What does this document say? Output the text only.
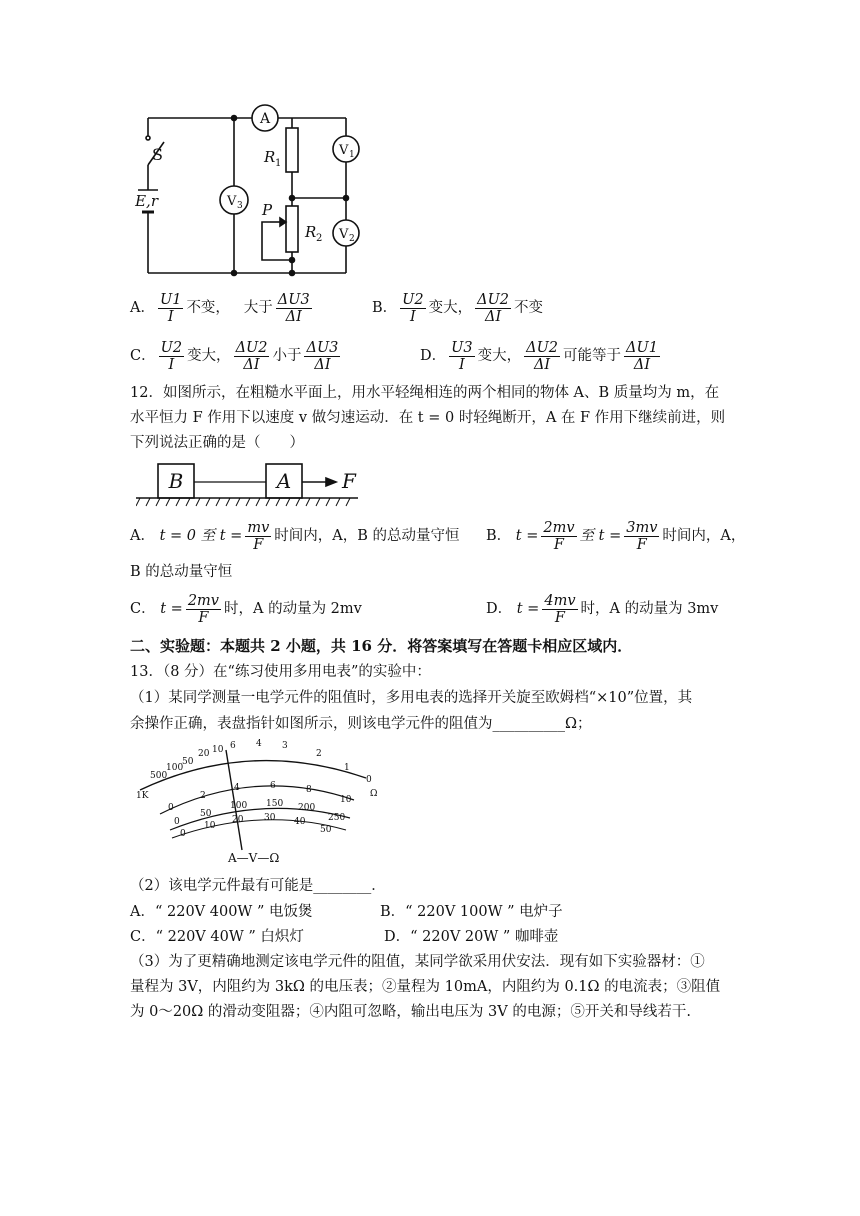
S
E,r
A
R 1
R 2
P
V 1
V 2
V 3
A． $\frac{U1}{I}$ 不变， 大于 $\frac{\Delta U3}{\Delta I}$	B． $\frac{U2}{I}$ 变大， $\frac{\Delta U2}{\Delta I}$ 不变
C． $\frac{U2}{I}$ 变大， $\frac{\Delta U2}{\Delta I}$ 小于 $\frac{\Delta U3}{\Delta I}$	D． $\frac{U3}{I}$ 变大， $\frac{\Delta U2}{\Delta I}$ 可能等于 $\frac{\Delta U1}{\Delta I}$
12．如图所示，在粗糙水平面上，用水平轻绳相连的两个相同的物体 A、B 质量均为 m，在
水平恒力 F 作用下以速度 v 做匀速运动．在 t = 0 时轻绳断开，A 在 F 作用下继续前进，则
下列说法正确的是（　　）
B	A	F
A． t = 0 至 $t = \frac{mv}{F}$ 时间内，A，B 的总动量守恒 B． $t = \frac{2mv}{F}$ 至 $t = \frac{3mv}{F}$ 时间内，A，
B 的总动量守恒
C． $t = \frac{2mv}{F}$ 时，A 的动量为 2mv	D． $t = \frac{4mv}{F}$ 时，A 的动量为 3mv
二、实验题：本题共 2 小题，共 16 分．将答案填写在答题卡相应区域内．
13．（8 分）在“练习使用多用电表”的实验中：
（1）某同学测量一电学元件的阻值时，多用电表的选择开关旋至欧姆档“×10”位置，其
余操作正确，表盘指针如图所示，则该电学元件的阻值为__________Ω；
1K
500
100
50
20 10 6 4 3
2
1
0
Ω
0
2
4	6	8
10
0
50
100 150 200
250
0
10
20 30 40
50
A—V—Ω
（2）该电学元件最有可能是________．
A．“ 220V 400W ” 电饭煲	B．“ 220V 100W ” 电炉子
C．“ 220V 40W ” 白炽灯	D．“ 220V 20W ” 咖啡壶
（3）为了更精确地测定该电学元件的阻值，某同学欲采用伏安法．现有如下实验器材：①
量程为 3V，内阻约为 3kΩ 的电压表；②量程为 10mA，内阻约为 0.1Ω 的电流表；③阻值
为 0～20Ω 的滑动变阻器；④内阻可忽略，输出电压为 3V 的电源；⑤开关和导线若干.
